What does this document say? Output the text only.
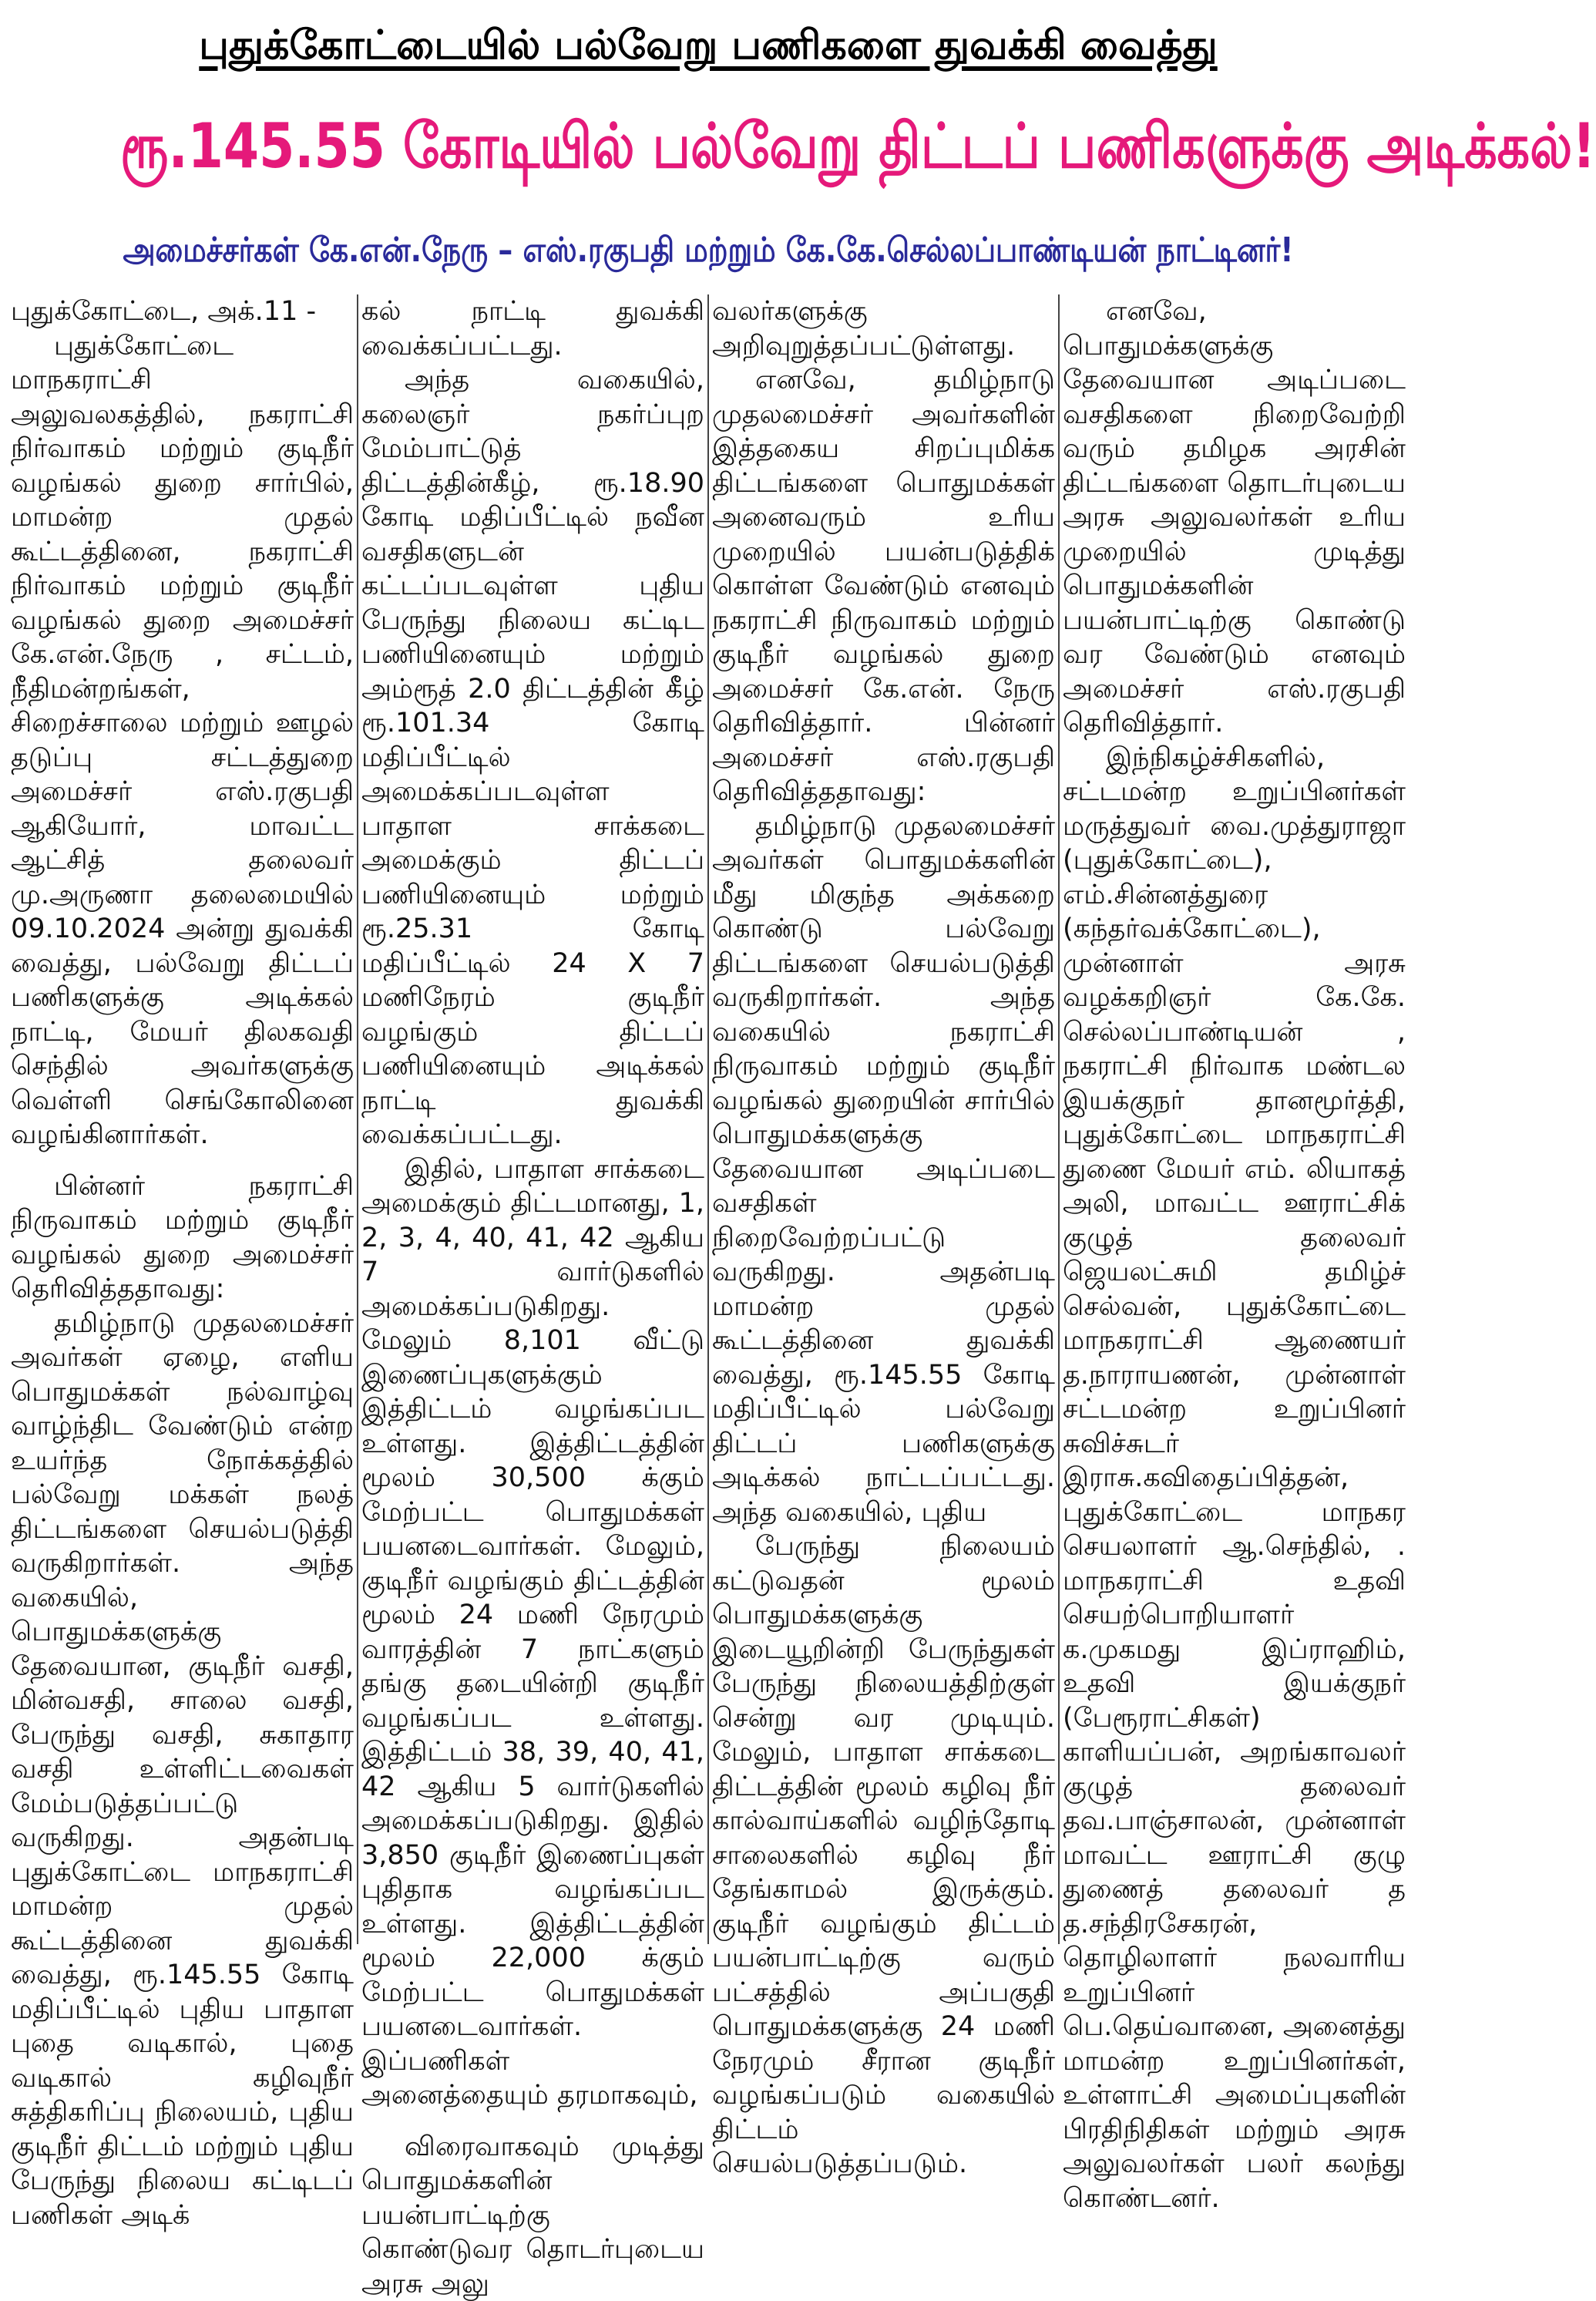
புதுக்கோட்டையில் பல்வேறு பணிகளை துவக்கி வைத்து
ரூ.145.55 கோடியில் பல்வேறு திட்டப் பணிகளுக்கு அடிக்கல்!
அமைச்சர்கள் கே.என்.நேரு – எஸ்.ரகுபதி மற்றும் கே.கே.செல்லப்பாண்டியன் நாட்டினர்!

புதுக்கோட்டை, அக்.11 -

புதுக்கோட்டை மாநகராட்சி அலுவலகத்தில், நகராட்சி நிர்வாகம் மற்றும் குடிநீர் வழங்கல் துறை சார்பில், மாமன்ற முதல் கூட்டத்தினை, நகராட்சி நிர்வாகம் மற்றும் குடிநீர் வழங்கல் துறை அமைச்சர் கே.என்.நேரு , சட்டம், நீதிமன்றங்கள், சிறைச்சாலை மற்றும் ஊழல் தடுப்பு சட்டத்துறை அமைச்சர் எஸ்.ரகுபதி ஆகியோர், மாவட்ட ஆட்சித் தலைவர் மு.அருணா தலைமையில் 09.10.2024 அன்று துவக்கி வைத்து, பல்வேறு திட்டப் பணிகளுக்கு அடிக்கல் நாட்டி, மேயர் திலகவதி செந்தில் அவர்களுக்கு வெள்ளி செங்கோலினை வழங்கினார்கள்.

பின்னர் நகராட்சி நிருவாகம் மற்றும் குடிநீர் வழங்கல் துறை அமைச்சர் தெரிவித்ததாவது:

தமிழ்நாடு முதலமைச்சர் அவர்கள் ஏழை, எளிய பொதுமக்கள் நல்வாழ்வு வாழ்ந்திட வேண்டும் என்ற உயர்ந்த நோக்கத்தில் பல்வேறு மக்கள் நலத் திட்டங்களை செயல்படுத்தி வருகிறார்கள். அந்த வகையில், பொதுமக்களுக்கு தேவையான, குடிநீர் வசதி, மின்வசதி, சாலை வசதி, பேருந்து வசதி, சுகாதார வசதி உள்ளிட்டவைகள் மேம்படுத்தப்பட்டு வருகிறது. அதன்படி புதுக்கோட்டை மாநகராட்சி மாமன்ற முதல் கூட்டத்தினை துவக்கி வைத்து, ரூ.145.55 கோடி மதிப்பீட்டில் புதிய பாதாள புதை வடிகால், புதை வடிகால் கழிவுநீர் சுத்திகரிப்பு நிலையம், புதிய குடிநீர் திட்டம் மற்றும் புதிய பேருந்து நிலைய கட்டிடப் பணிகள் அடிக்

கல் நாட்டி துவக்கி வைக்கப்பட்டது.

அந்த வகையில், கலைஞர் நகர்ப்புற மேம்பாட்டுத் திட்டத்தின்கீழ், ரூ.18.90 கோடி மதிப்பீட்டில் நவீன வசதிகளுடன் கட்டப்படவுள்ள புதிய பேருந்து நிலைய கட்டிட பணியினையும் மற்றும் அம்ரூத் 2.0 திட்டத்தின் கீழ் ரூ.101.34 கோடி மதிப்பீட்டில் அமைக்கப்படவுள்ள பாதாள சாக்கடை அமைக்கும் திட்டப் பணியினையும் மற்றும் ரூ.25.31 கோடி மதிப்பீட்டில் 24 X 7 மணிநேரம் குடிநீர் வழங்கும் திட்டப் பணியினையும் அடிக்கல் நாட்டி துவக்கி வைக்கப்பட்டது.

இதில், பாதாள சாக்கடை அமைக்கும் திட்டமானது, 1, 2, 3, 4, 40, 41, 42 ஆகிய 7 வார்டுகளில் அமைக்கப்படுகிறது. மேலும் 8,101 வீட்டு இணைப்புகளுக்கும் இத்திட்டம் வழங்கப்பட உள்ளது. இத்திட்டத்தின் மூலம் 30,500 க்கும் மேற்பட்ட பொதுமக்கள் பயனடைவார்கள். மேலும், குடிநீர் வழங்கும் திட்டத்தின் மூலம் 24 மணி நேரமும் வாரத்தின் 7 நாட்களும் தங்கு தடையின்றி குடிநீர் வழங்கப்பட உள்ளது. இத்திட்டம் 38, 39, 40, 41, 42 ஆகிய 5 வார்டுகளில் அமைக்கப்படுகிறது. இதில் 3,850 குடிநீர் இணைப்புகள் புதிதாக வழங்கப்பட உள்ளது. இத்திட்டத்தின் மூலம் 22,000 க்கும் மேற்பட்ட பொதுமக்கள் பயனடைவார்கள். இப்பணிகள் அனைத்தையும் தரமாகவும்,

விரைவாகவும் முடித்து பொதுமக்களின் பயன்பாட்டிற்கு கொண்டுவர தொடர்புடைய அரசு அலு

வலர்களுக்கு அறிவுறுத்தப்பட்டுள்ளது.

எனவே, தமிழ்நாடு முதலமைச்சர் அவர்களின் இத்தகைய சிறப்புமிக்க திட்டங்களை பொதுமக்கள் அனைவரும் உரிய முறையில் பயன்படுத்திக் கொள்ள வேண்டும் எனவும் நகராட்சி நிருவாகம் மற்றும் குடிநீர் வழங்கல் துறை அமைச்சர் கே.என். நேரு தெரிவித்தார். பின்னர் அமைச்சர் எஸ்.ரகுபதி தெரிவித்ததாவது:

தமிழ்நாடு முதலமைச்சர் அவர்கள் பொதுமக்களின் மீது மிகுந்த அக்கறை கொண்டு பல்வேறு திட்டங்களை செயல்படுத்தி வருகிறார்கள். அந்த வகையில் நகராட்சி நிருவாகம் மற்றும் குடிநீர் வழங்கல் துறையின் சார்பில் பொதுமக்களுக்கு தேவையான அடிப்படை வசதிகள் நிறைவேற்றப்பட்டு வருகிறது. அதன்படி மாமன்ற முதல் கூட்டத்தினை துவக்கி வைத்து, ரூ.145.55 கோடி மதிப்பீட்டில் பல்வேறு திட்டப் பணிகளுக்கு அடிக்கல் நாட்டப்பட்டது. அந்த வகையில், புதிய

பேருந்து நிலையம் கட்டுவதன் மூலம் பொதுமக்களுக்கு இடையூறின்றி பேருந்துகள் பேருந்து நிலையத்திற்குள் சென்று வர முடியும். மேலும், பாதாள சாக்கடை திட்டத்தின் மூலம் கழிவு நீர் கால்வாய்களில் வழிந்தோடி சாலைகளில் கழிவு நீர் தேங்காமல் இருக்கும். குடிநீர் வழங்கும் திட்டம் பயன்பாட்டிற்கு வரும் பட்சத்தில் அப்பகுதி பொதுமக்களுக்கு 24 மணி நேரமும் சீரான குடிநீர் வழங்கப்படும் வகையில் திட்டம் செயல்படுத்தப்படும்.

எனவே, பொதுமக்களுக்கு தேவையான அடிப்படை வசதிகளை நிறைவேற்றி வரும் தமிழக அரசின் திட்டங்களை தொடர்புடைய அரசு அலுவலர்கள் உரிய முறையில் முடித்து பொதுமக்களின் பயன்பாட்டிற்கு கொண்டு வர வேண்டும் எனவும் அமைச்சர் எஸ்.ரகுபதி தெரிவித்தார்.

இந்நிகழ்ச்சிகளில், சட்டமன்ற உறுப்பினர்கள் மருத்துவர் வை.முத்துராஜா (புதுக்கோட்டை), எம்.சின்னத்துரை (கந்தர்வக்கோட்டை), முன்னாள் அரசு வழக்கறிஞர் கே.கே. செல்லப்பாண்டியன் , நகராட்சி நிர்வாக மண்டல இயக்குநர் தானமூர்த்தி, புதுக்கோட்டை மாநகராட்சி துணை மேயர் எம். லியாகத் அலி, மாவட்ட ஊராட்சிக் குழுத் தலைவர் ஜெயலட்சுமி தமிழ்ச் செல்வன், புதுக்கோட்டை மாநகராட்சி ஆணையர் த.நாராயணன், முன்னாள் சட்டமன்ற உறுப்பினர் சுவிச்சுடர் இராசு.கவிதைப்பித்தன், புதுக்கோட்டை மாநகர செயலாளர் ஆ.செந்தில், . மாநகராட்சி உதவி செயற்பொறியாளர் க.முகமது இப்ராஹிம், உதவி இயக்குநர் (பேரூராட்சிகள்) காளியப்பன், அறங்காவலர் குழுத் தலைவர் தவ.பாஞ்சாலன், முன்னாள் மாவட்ட ஊராட்சி குழு துணைத் தலைவர் த த.சந்திரசேகரன், தொழிலாளர் நலவாரிய உறுப்பினர் பெ.தெய்வானை, அனைத்து மாமன்ற உறுப்பினர்கள், உள்ளாட்சி அமைப்புகளின் பிரதிநிதிகள் மற்றும் அரசு அலுவலர்கள் பலர் கலந்து கொண்டனர்.
